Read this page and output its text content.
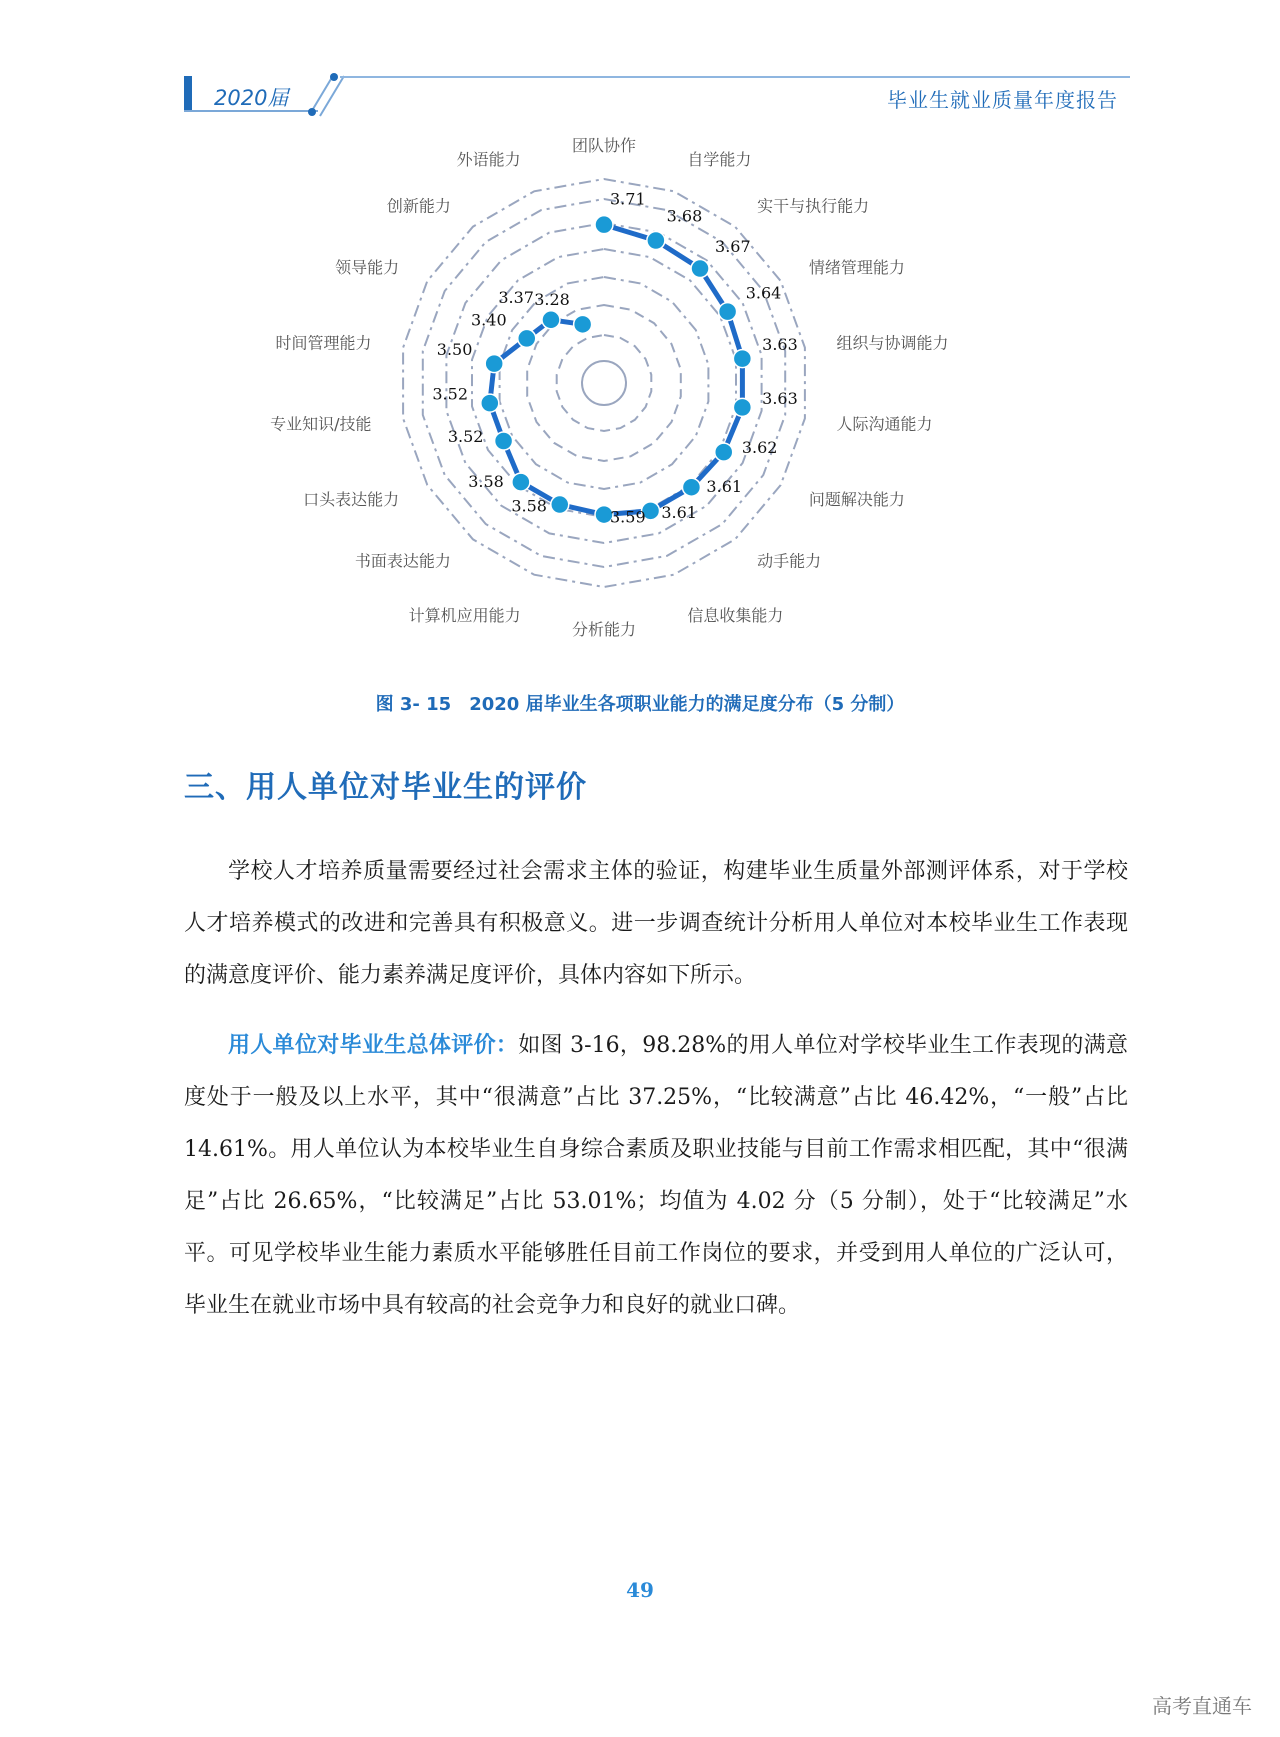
2020届	毕业生就业质量年度报告
3.71
3.68
3.67
3.64
3.63
3.63
3.62
3.61
3.61
3.59
3.58
3.58
3.52
3.52
3.50
3.40
3.37 3.28
团队协作
自学能力
实干与执行能力
情绪管理能力
组织与协调能力
人际沟通能力
问题解决能力
动手能力
信息收集能力
分析能力
计算机应用能力
书面表达能力
口头表达能力
专业知识/技能
时间管理能力
领导能力
创新能力
外语能力
图 3- 15　2020 届毕业生各项职业能力的满足度分布（5 分制）
三、用人单位对毕业生的评价
学校人才培养质量需要经过社会需求主体的验证，构建毕业生质量外部测评体系，对于学校人才培养模式的改进和完善具有积极意义。进一步调查统计分析用人单位对本校毕业生工作表现的满意度评价、能力素养满足度评价，具体内容如下所示。
用人单位对毕业生总体评价：如图 3-16，98.28%的用人单位对学校毕业生工作表现的满意度处于一般及以上水平，其中“很满意”占比 37.25%，“比较满意”占比 46.42%，“一般”占比　14.61%。用人单位认为本校毕业生自身综合素质及职业技能与目前工作需求相匹配，其中“很满足”占比 26.65%，“比较满足”占比 53.01%；均值为 4.02 分（5 分制），处于“比较满足”水平。可见学校毕业生能力素质水平能够胜任目前工作岗位的要求，并受到用人单位的广泛认可，毕业生在就业市场中具有较高的社会竞争力和良好的就业口碑。
49
高考直通车
